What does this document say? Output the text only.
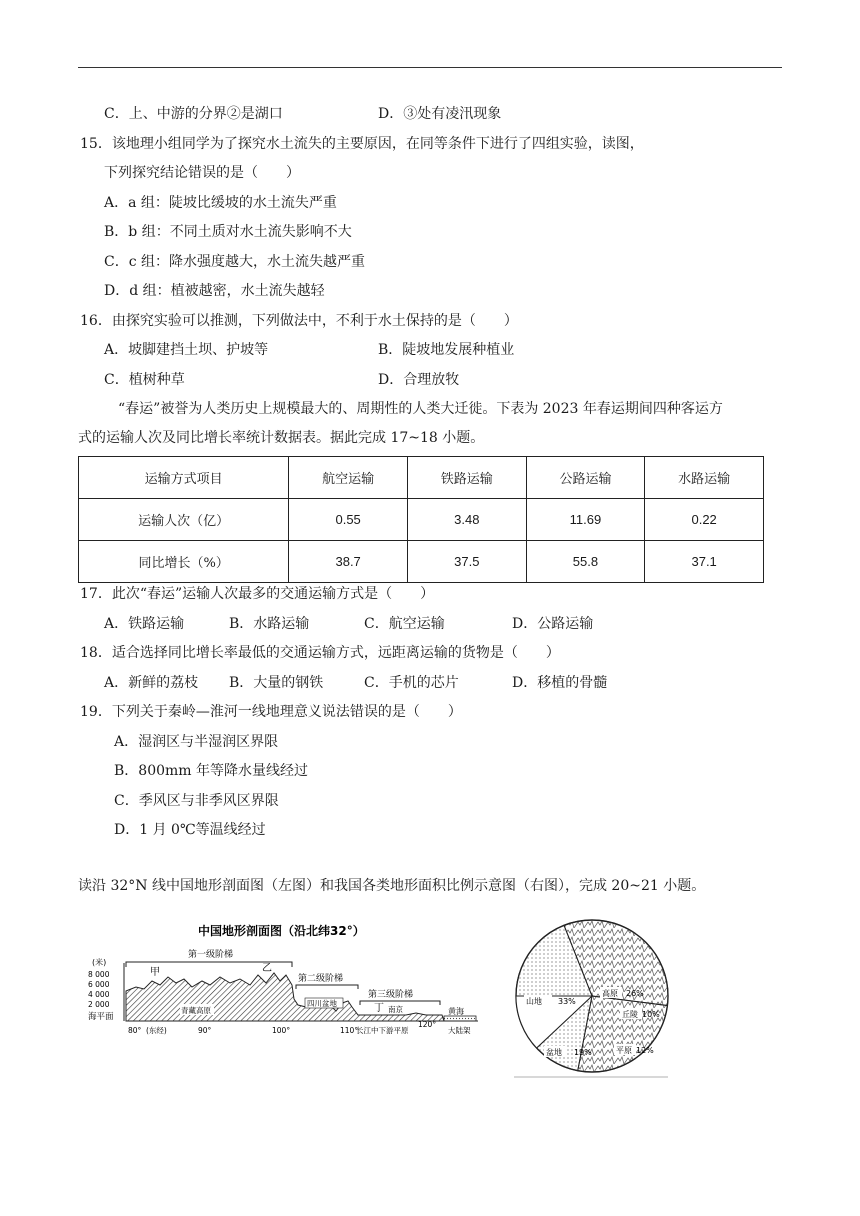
C．上、中游的分界②是湖口	D．③处有凌汛现象
15．该地理小组同学为了探究水土流失的主要原因，在同等条件下进行了四组实验，读图，
下列探究结论错误的是（　　）
A．a 组：陡坡比缓坡的水土流失严重
B．b 组：不同土质对水土流失影响不大
C．c 组：降水强度越大，水土流失越严重
D．d 组：植被越密，水土流失越轻
16．由探究实验可以推测，下列做法中，不利于水土保持的是（　　）
A．坡脚建挡土坝、护坡等	B．陡坡地发展种植业
C．植树种草	D．合理放牧
“春运”被誉为人类历史上规模最大的、周期性的人类大迁徙。下表为 2023 年春运期间四种客运方
式的运输人次及同比增长率统计数据表。据此完成 17~18 小题。
运输方式项目	航空运输	铁路运输	公路运输	水路运输
运输人次（亿）	0.55	3.48	11.69	0.22
同比增长（%）	38.7	37.5	55.8	37.1
17．此次“春运”运输人次最多的交通运输方式是（　　）
A．铁路运输	B．水路运输	C．航空运输	D．公路运输
18．适合选择同比增长率最低的交通运输方式，远距离运输的货物是（　　）
A．新鲜的荔枝 B．大量的钢铁	C．手机的芯片	D．移植的骨髓
19．下列关于秦岭—淮河一线地理意义说法错误的是（　　）
A．湿润区与半湿润区界限
B．800mm 年等降水量线经过
C．季风区与非季风区界限
D．1 月 0℃等温线经过
读沿 32°N 线中国地形剖面图（左图）和我国各类地形面积比例示意图（右图），完成 20~21 小题。
中国地形剖面图（沿北纬32°）
(米)
8 000
6 000
4 000
2 000
海平面
第一级阶梯
第二级阶梯
第三级阶梯
甲	乙
丁
青藏高原
四川盆地
南京	黄海
大陆架
80° (东经)	90°	100°	110°
长江中下游平原
120°
山地 33%
高原 26%
丘陵 10%
平原 12%
盆地 19%
